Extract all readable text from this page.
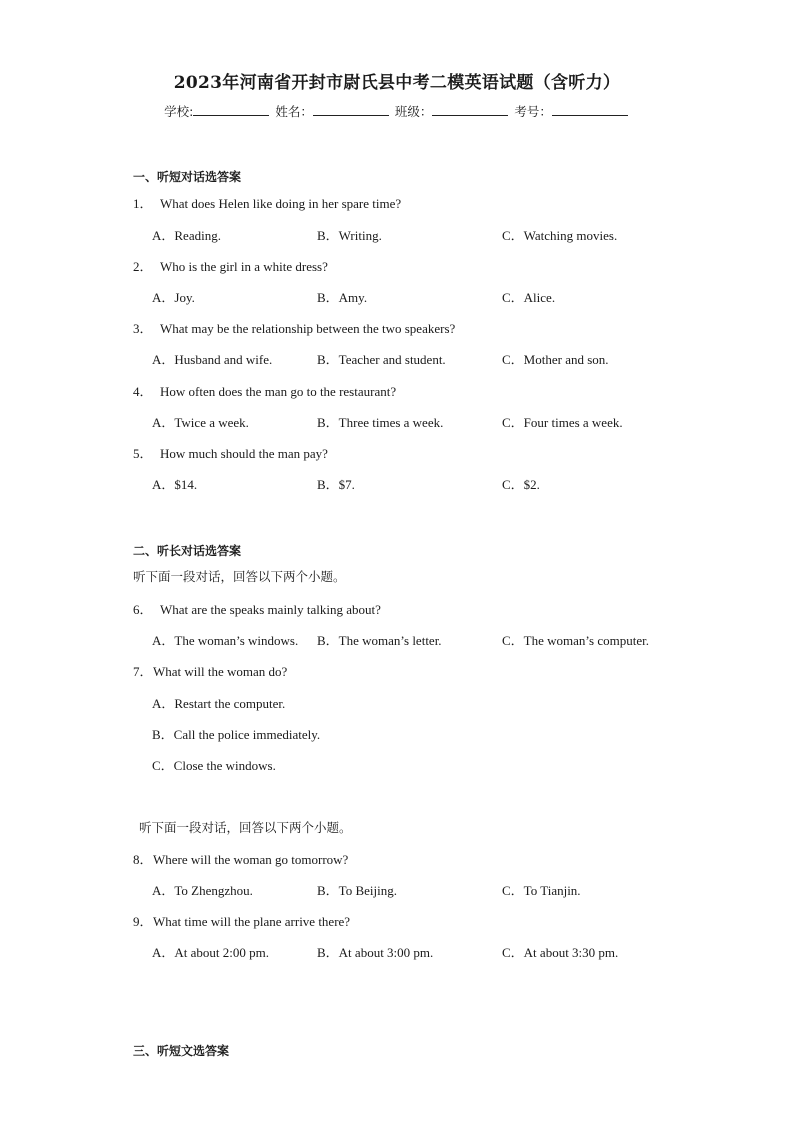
2023年河南省开封市尉氏县中考二模英语试题（含听力）
学校:	姓名：	班级：	考号：
一、听短对话选答案
1． What does Helen like doing in her spare time?
A．Reading.	B．Writing.	C．Watching movies.
2． Who is the girl in a white dress?
A．Joy.	B．Amy.	C．Alice.
3． What may be the relationship between the two speakers?
A．Husband and wife.	B．Teacher and student.	C．Mother and son.
4． How often does the man go to the restaurant?
A．Twice a week.	B．Three times a week.	C．Four times a week.
5． How much should the man pay?
A．$14.	B．$7.	C．$2.
二、听长对话选答案
听下面一段对话，回答以下两个小题。
6． What are the speaks mainly talking about?
A．The woman’s windows. B．The woman’s letter.	C．The woman’s computer.
7．What will the woman do?
A．Restart the computer.
B．Call the police immediately.
C．Close the windows.
听下面一段对话，回答以下两个小题。
8．Where will the woman go tomorrow?
A．To Zhengzhou.	B．To Beijing.	C．To Tianjin.
9．What time will the plane arrive there?
A．At about 2:00 pm.	B．At about 3:00 pm.	C．At about 3:30 pm.
三、听短文选答案
